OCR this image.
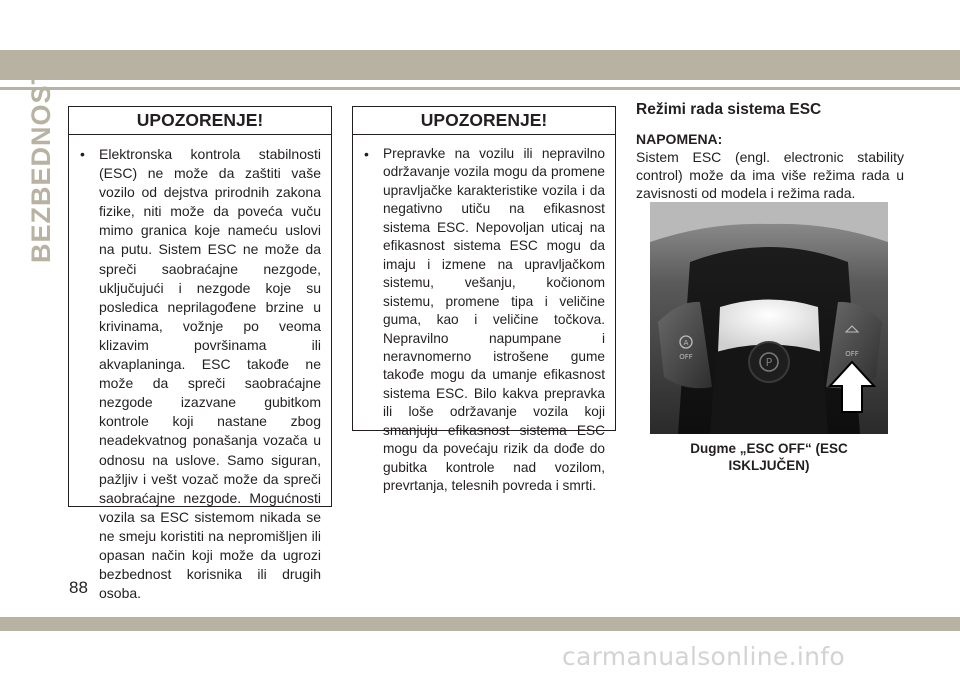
BEZBEDNOST	UPOZORENJE!
• Elektronska kontrola stabilnosti (ESC) ne može da zaštiti vaše vozilo od dejstva prirodnih zakona fizike, niti može da poveća vuču mimo granica koje nameću uslovi na putu. Sistem ESC ne može da spreči saobraćajne nezgode, uključujući i nezgode koje su posledica neprilagođene brzine u krivinama, vožnje po veoma klizavim površinama ili akvaplaninga. ESC takođe ne može da spreči saobraćajne nezgode izazvane gubitkom kontrole koji nastane zbog neadekvatnog ponašanja vozača u odnosu na uslove. Samo siguran, pažljiv i vešt vozač može da spreči saobraćajne nezgode. Mogućnosti vozila sa ESC sistemom nikada se ne smeju koristiti na nepromišljen ili opasan način koji može da ugrozi bezbednost korisnika ili drugih osoba.

UPOZORENJE!
• Prepravke na vozilu ili nepravilno održavanje vozila mogu da promene upravljačke karakteristike vozila i da negativno utiču na efikasnost sistema ESC. Nepovoljan uticaj na efikasnost sistema ESC mogu da imaju i izmene na upravljačkom sistemu, vešanju, kočionom sistemu, promene tipa i veličine guma, kao i veličine točkova. Nepravilno napumpane i neravnomerno istrošene gume takođe mogu da umanje efikasnost sistema ESC. Bilo kakva prepravka ili loše održavanje vozila koji smanjuju efikasnost sistema ESC mogu da povećaju rizik da dođe do gubitka kontrole nad vozilom, prevrtanja, telesnih povreda i smrti.

Režimi rada sistema ESC
NAPOMENA:

Sistem ESC (engl. electronic stability control) može da ima više režima rada u zavisnosti od modela i režima rada.

P
A
OFF	OFF
Dugme „ESC OFF“ (ESC ISKLJUČEN)
88
carmanualsonline.info
